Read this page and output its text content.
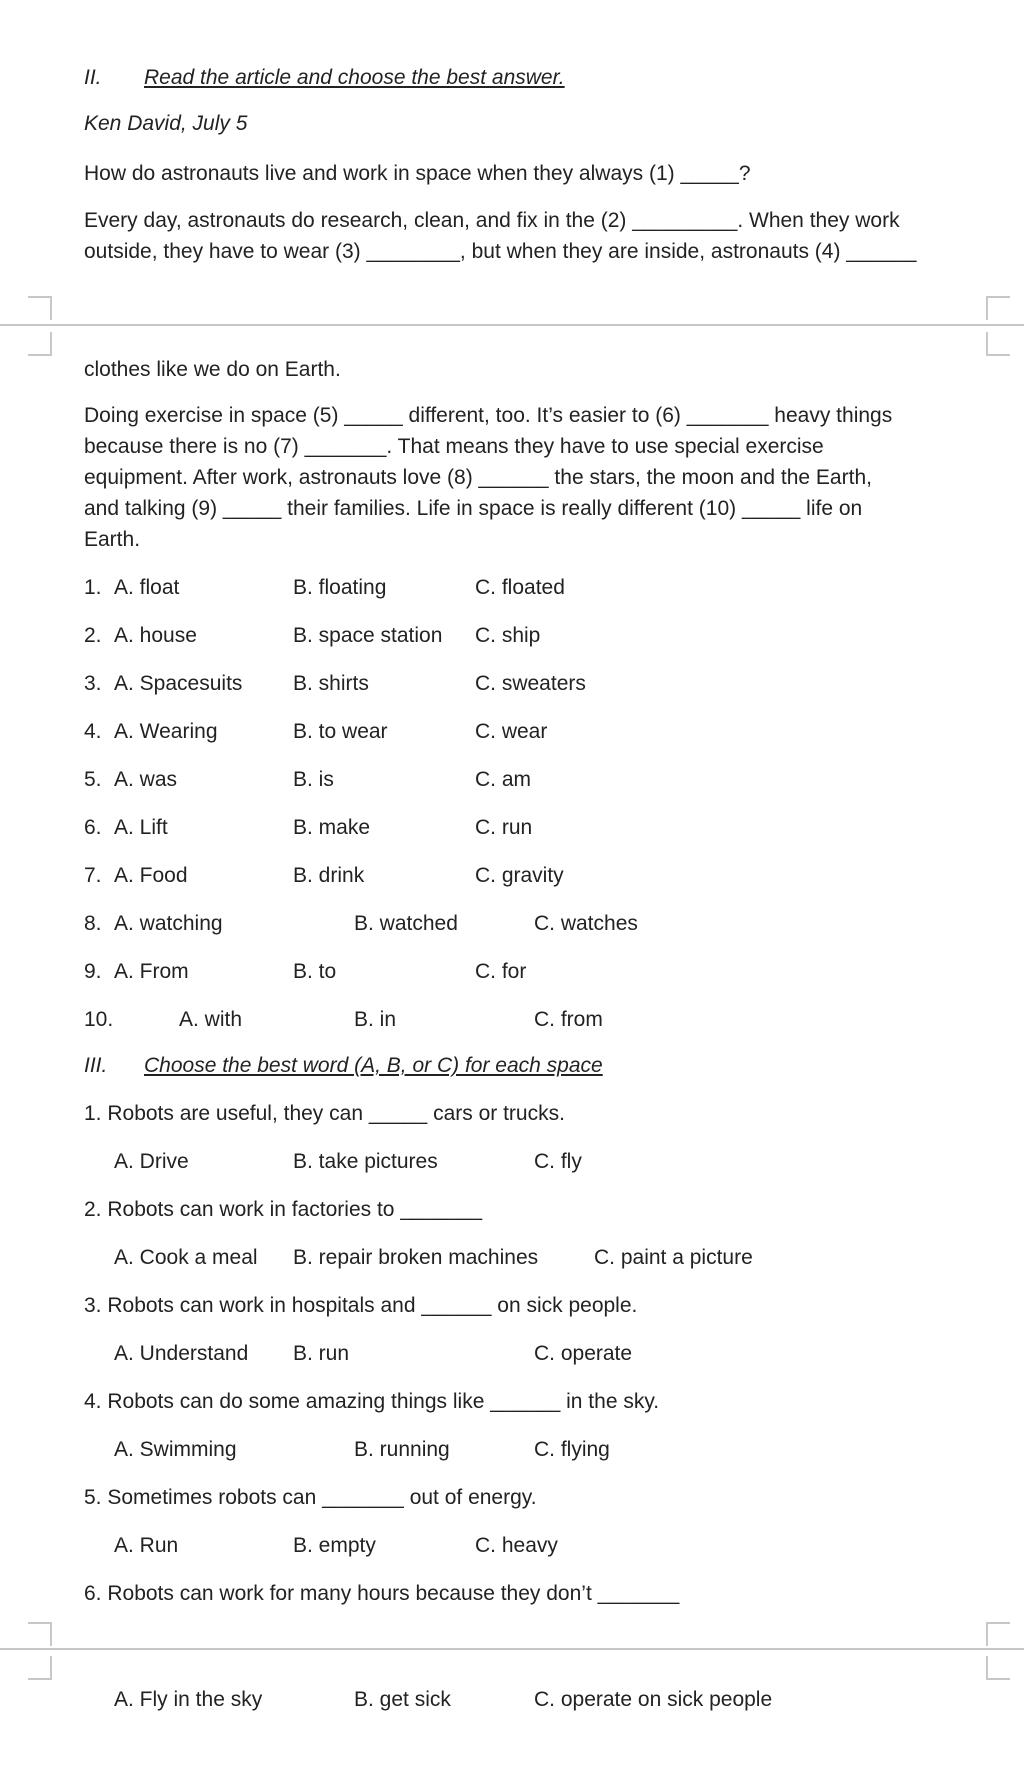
II. Read the article and choose the best answer.
Ken David, July 5
How do astronauts live and work in space when they always (1) _____?
Every day, astronauts do research, clean, and fix in the (2) _________. When they work
outside, they have to wear (3) ________, but when they are inside, astronauts (4) ______
clothes like we do on Earth.
Doing exercise in space (5) _____ different, too. It’s easier to (6) _______ heavy things
because there is no (7) _______. That means they have to use special exercise
equipment. After work, astronauts love (8) ______ the stars, the moon and the Earth,
and talking (9) _____ their families. Life in space is really different (10) _____ life on
Earth.
1. A. float	B. floating	C. floated
2. A. house	B. space station C. ship
3. A. Spacesuits B. shirts	C. sweaters
4. A. Wearing	B. to wear	C. wear
5. A. was	B. is	C. am
6. A. Lift	B. make	C. run
7. A. Food	B. drink	C. gravity
8. A. watching	B. watched	C. watches
9. A. From	B. to	C. for
10.	A. with	B. in	C. from
III. Choose the best word (A, B, or C) for each space
1. Robots are useful, they can _____ cars or trucks.
A. Drive	B. take pictures	C. fly
2. Robots can work in factories to _______
A. Cook a meal B. repair broken machines	C. paint a picture
3. Robots can work in hospitals and ______ on sick people.
A. Understand B. run	C. operate
4. Robots can do some amazing things like ______ in the sky.
A. Swimming	B. running	C. flying
5. Sometimes robots can _______ out of energy.
A. Run	B. empty	C. heavy
6. Robots can work for many hours because they don’t _______
A. Fly in the sky	B. get sick	C. operate on sick people
